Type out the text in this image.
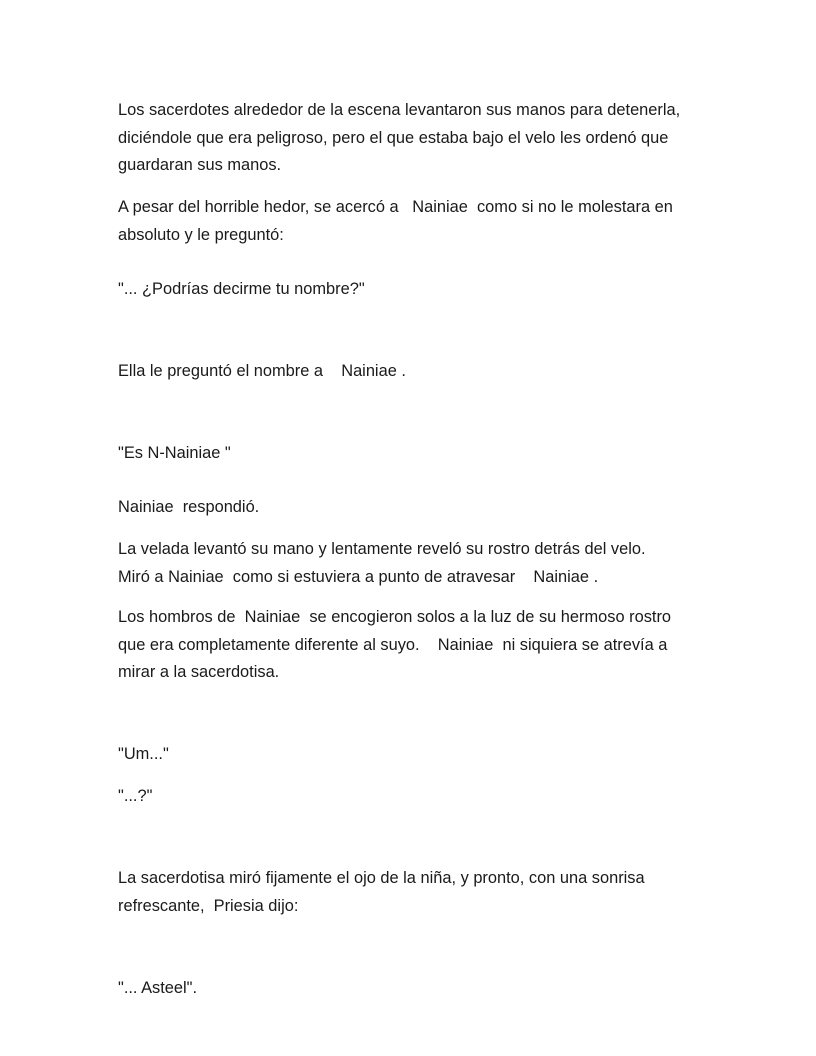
Los sacerdotes alrededor de la escena levantaron sus manos para detenerla,
diciéndole que era peligroso, pero el que estaba bajo el velo les ordenó que
guardaran sus manos.

A pesar del horrible hedor, se acercó a   Nainiae  como si no le molestara en
absoluto y le preguntó:

"... ¿Podrías decirme tu nombre?"

Ella le preguntó el nombre a    Nainiae .

"Es N-Nainiae "

Nainiae  respondió.

La velada levantó su mano y lentamente reveló su rostro detrás del velo.
Miró a Nainiae  como si estuviera a punto de atravesar    Nainiae .

Los hombros de  Nainiae  se encogieron solos a la luz de su hermoso rostro
que era completamente diferente al suyo.    Nainiae  ni siquiera se atrevía a
mirar a la sacerdotisa.

"Um..."

"...?"

La sacerdotisa miró fijamente el ojo de la niña, y pronto, con una sonrisa
refrescante,  Priesia dijo:

"... Asteel".
